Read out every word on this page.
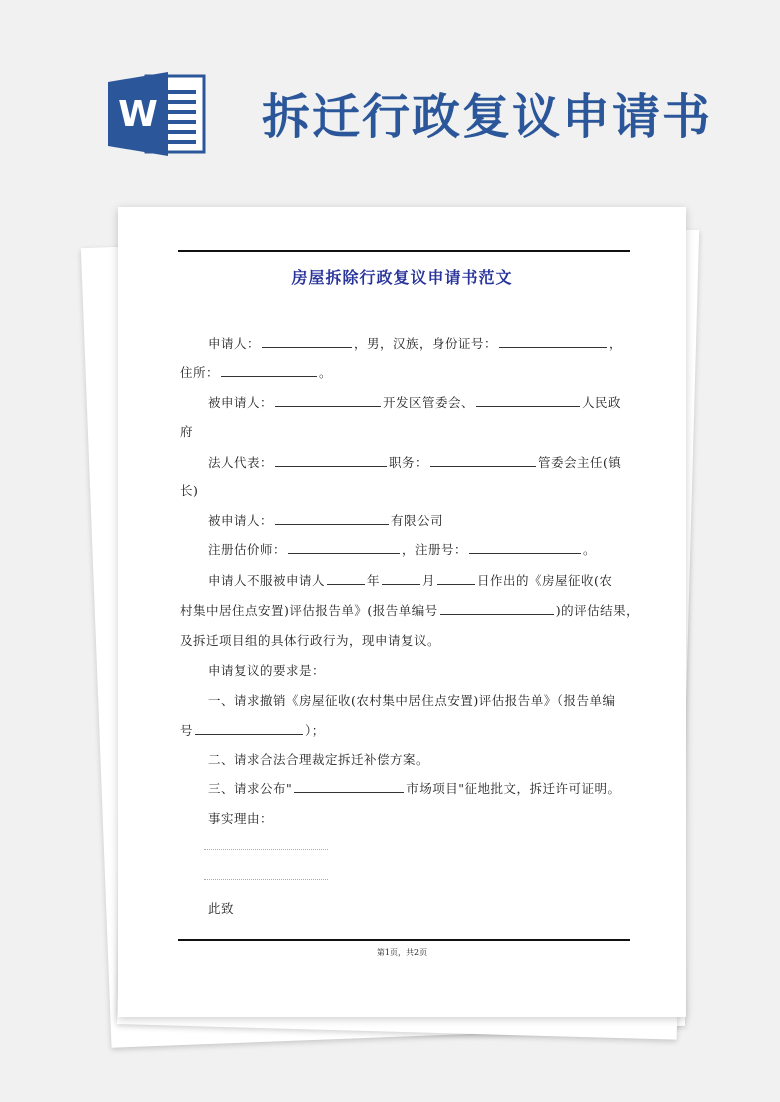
W 拆迁行政复议申请书
房屋拆除行政复议申请书范文
申请人：	，男，汉族，身份证号：	，
住所：	。
被申请人：	开发区管委会、	人民政
府
法人代表：	职务：	管委会主任(镇
长)
被申请人：	有限公司
注册估价师：	，注册号：	。
申请人不服被申请人	年	月	日作出的《房屋征收(农
村集中居住点安置)评估报告单》(报告单编号	)的评估结果，
及拆迁项目组的具体行政行为，现申请复议。
申请复议的要求是：
一、请求撤销《房屋征收(农村集中居住点安置)评估报告单》（报告单编
号	）；
二、请求合法合理裁定拆迁补偿方案。
三、请求公布"	市场项目"征地批文，拆迁许可证明。
事实理由：
此致
第1页，共2页
